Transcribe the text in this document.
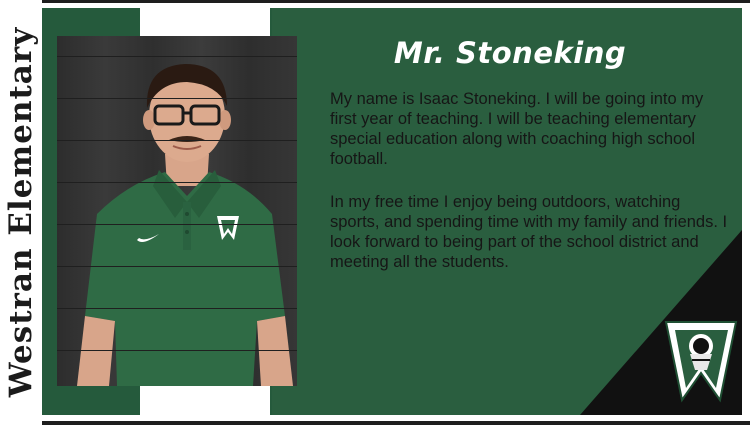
Westran Elementary	Mr. Stoneking
My name is Isaac Stoneking. I will be going into my first year of teaching. I will be teaching elementary special education along with coaching high school football.
In my free time I enjoy being outdoors, watching sports, and spending time with my family and friends. I look forward to being part of the school district and meeting all the students.
